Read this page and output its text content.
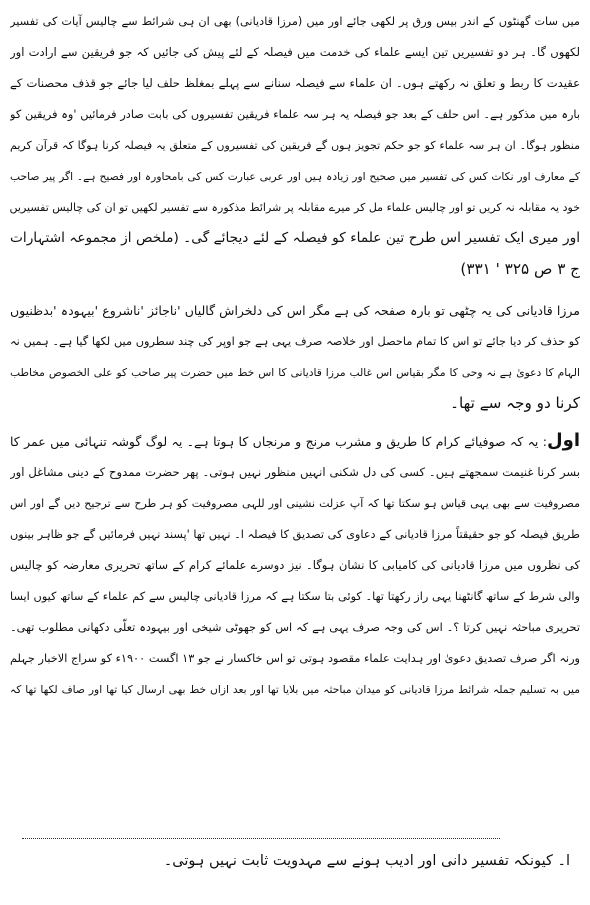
میں سات گھنٹوں کے اندر بیس ورق پر لکھی جائے اور میں (مرزا قادیانی) بھی ان ہی شرائط سے چالیس آیات کی تفسیر
لکھوں گا۔ ہر دو تفسیریں تین ایسے علماء کی خدمت میں فیصلہ کے لئے پیش کی جائیں کہ جو فریقین سے ارادت اور
عقیدت کا ربط و تعلق نہ رکھتے ہوں۔ ان علماء سے فیصلہ سنانے سے پہلے بمغلظ حلف لیا جائے جو قذف محصنات کے
بارہ میں مذکور ہے۔ اس حلف کے بعد جو فیصلہ یہ ہر سہ علماء فریقین تفسیروں کی بابت صادر فرمائیں 'وہ فریقین کو
منظور ہوگا۔ ان ہر سہ علماء کو جو حکم تجویز ہوں گے فریقین کی تفسیروں کے متعلق یہ فیصلہ کرنا ہوگا کہ قرآن کریم
کے معارف اور نکات کس کی تفسیر میں صحیح اور زیادہ ہیں اور عربی عبارت کس کی بامحاورہ اور فصیح ہے۔ اگر پیر صاحب
خود یہ مقابلہ نہ کریں تو اور چالیس علماء مل کر میرے مقابلہ پر شرائط مذکورہ سے تفسیر لکھیں تو ان کی چالیس تفسیریں
اور میری ایک تفسیر اس طرح تین علماء کو فیصلہ کے لئے دیجائے گی۔ (ملخص از مجموعہ اشتہارات
ج ۳ ص ۳۲۵ ' ۳۳۱)
مرزا قادیانی کی یہ چٹھی تو بارہ صفحہ کی ہے مگر اس کی دلخراش گالیاں 'ناجائز 'ناشروع 'بیہودہ 'بدظنیوں
کو حذف کر دیا جائے تو اس کا تمام ماحصل اور خلاصہ صرف یہی ہے جو اوپر کی چند سطروں میں لکھا گیا ہے۔ ہمیں نہ
الہام کا دعویٰ ہے نہ وحی کا مگر بقیاس اس غالب مرزا قادیانی کا اس خط میں حضرت پیر صاحب کو علی الخصوص مخاطب
کرنا دو وجہ سے تھا۔
اول: یہ کہ صوفیائے کرام کا طریق و مشرب مرنج و مرنجاں کا ہوتا ہے۔ یہ لوگ گوشہ تنہائی میں عمر کا
بسر کرنا غنیمت سمجھتے ہیں۔ کسی کی دل شکنی انہیں منظور نہیں ہوتی۔ پھر حضرت ممدوح کے دینی مشاغل اور
مصروفیت سے بھی یہی قیاس ہو سکتا تھا کہ آپ عزلت نشینی اور للہی مصروفیت کو ہر طرح سے ترجیح دیں گے اور اس
طریق فیصلہ کو جو حقیقتاً مرزا قادیانی کے دعاوی کی تصدیق کا فیصلہ ا۔ نہیں تھا 'پسند نہیں فرمائیں گے جو ظاہر بینوں
کی نظروں میں مرزا قادیانی کی کامیابی کا نشان ہوگا۔ نیز دوسرے علمائے کرام کے ساتھ تحریری معارضہ کو چالیس
والی شرط کے ساتھ گانٹھنا یہی راز رکھتا تھا۔ کوئی بتا سکتا ہے کہ مرزا قادیانی چالیس سے کم علماء کے ساتھ کیوں ایسا
تحریری مباحثہ نہیں کرتا ؟۔ اس کی وجہ صرف یہی ہے کہ اس کو جھوٹی شیخی اور بیہودہ تعلّی دکھانی مطلوب تھی۔
ورنہ اگر صرف تصدیق دعویٰ اور ہدایت علماء مقصود ہوتی تو اس خاکسار نے جو ۱۳ اگست ۱۹۰۰ء کو سراج الاخبار جہلم
میں بہ تسلیم جملہ شرائط مرزا قادیانی کو میدان مباحثہ میں بلایا تھا اور بعد ازاں خط بھی ارسال کیا تھا اور صاف لکھا تھا کہ
ا۔ کیونکہ تفسیر دانی اور ادیب ہونے سے مہدویت ثابت نہیں ہوتی۔
